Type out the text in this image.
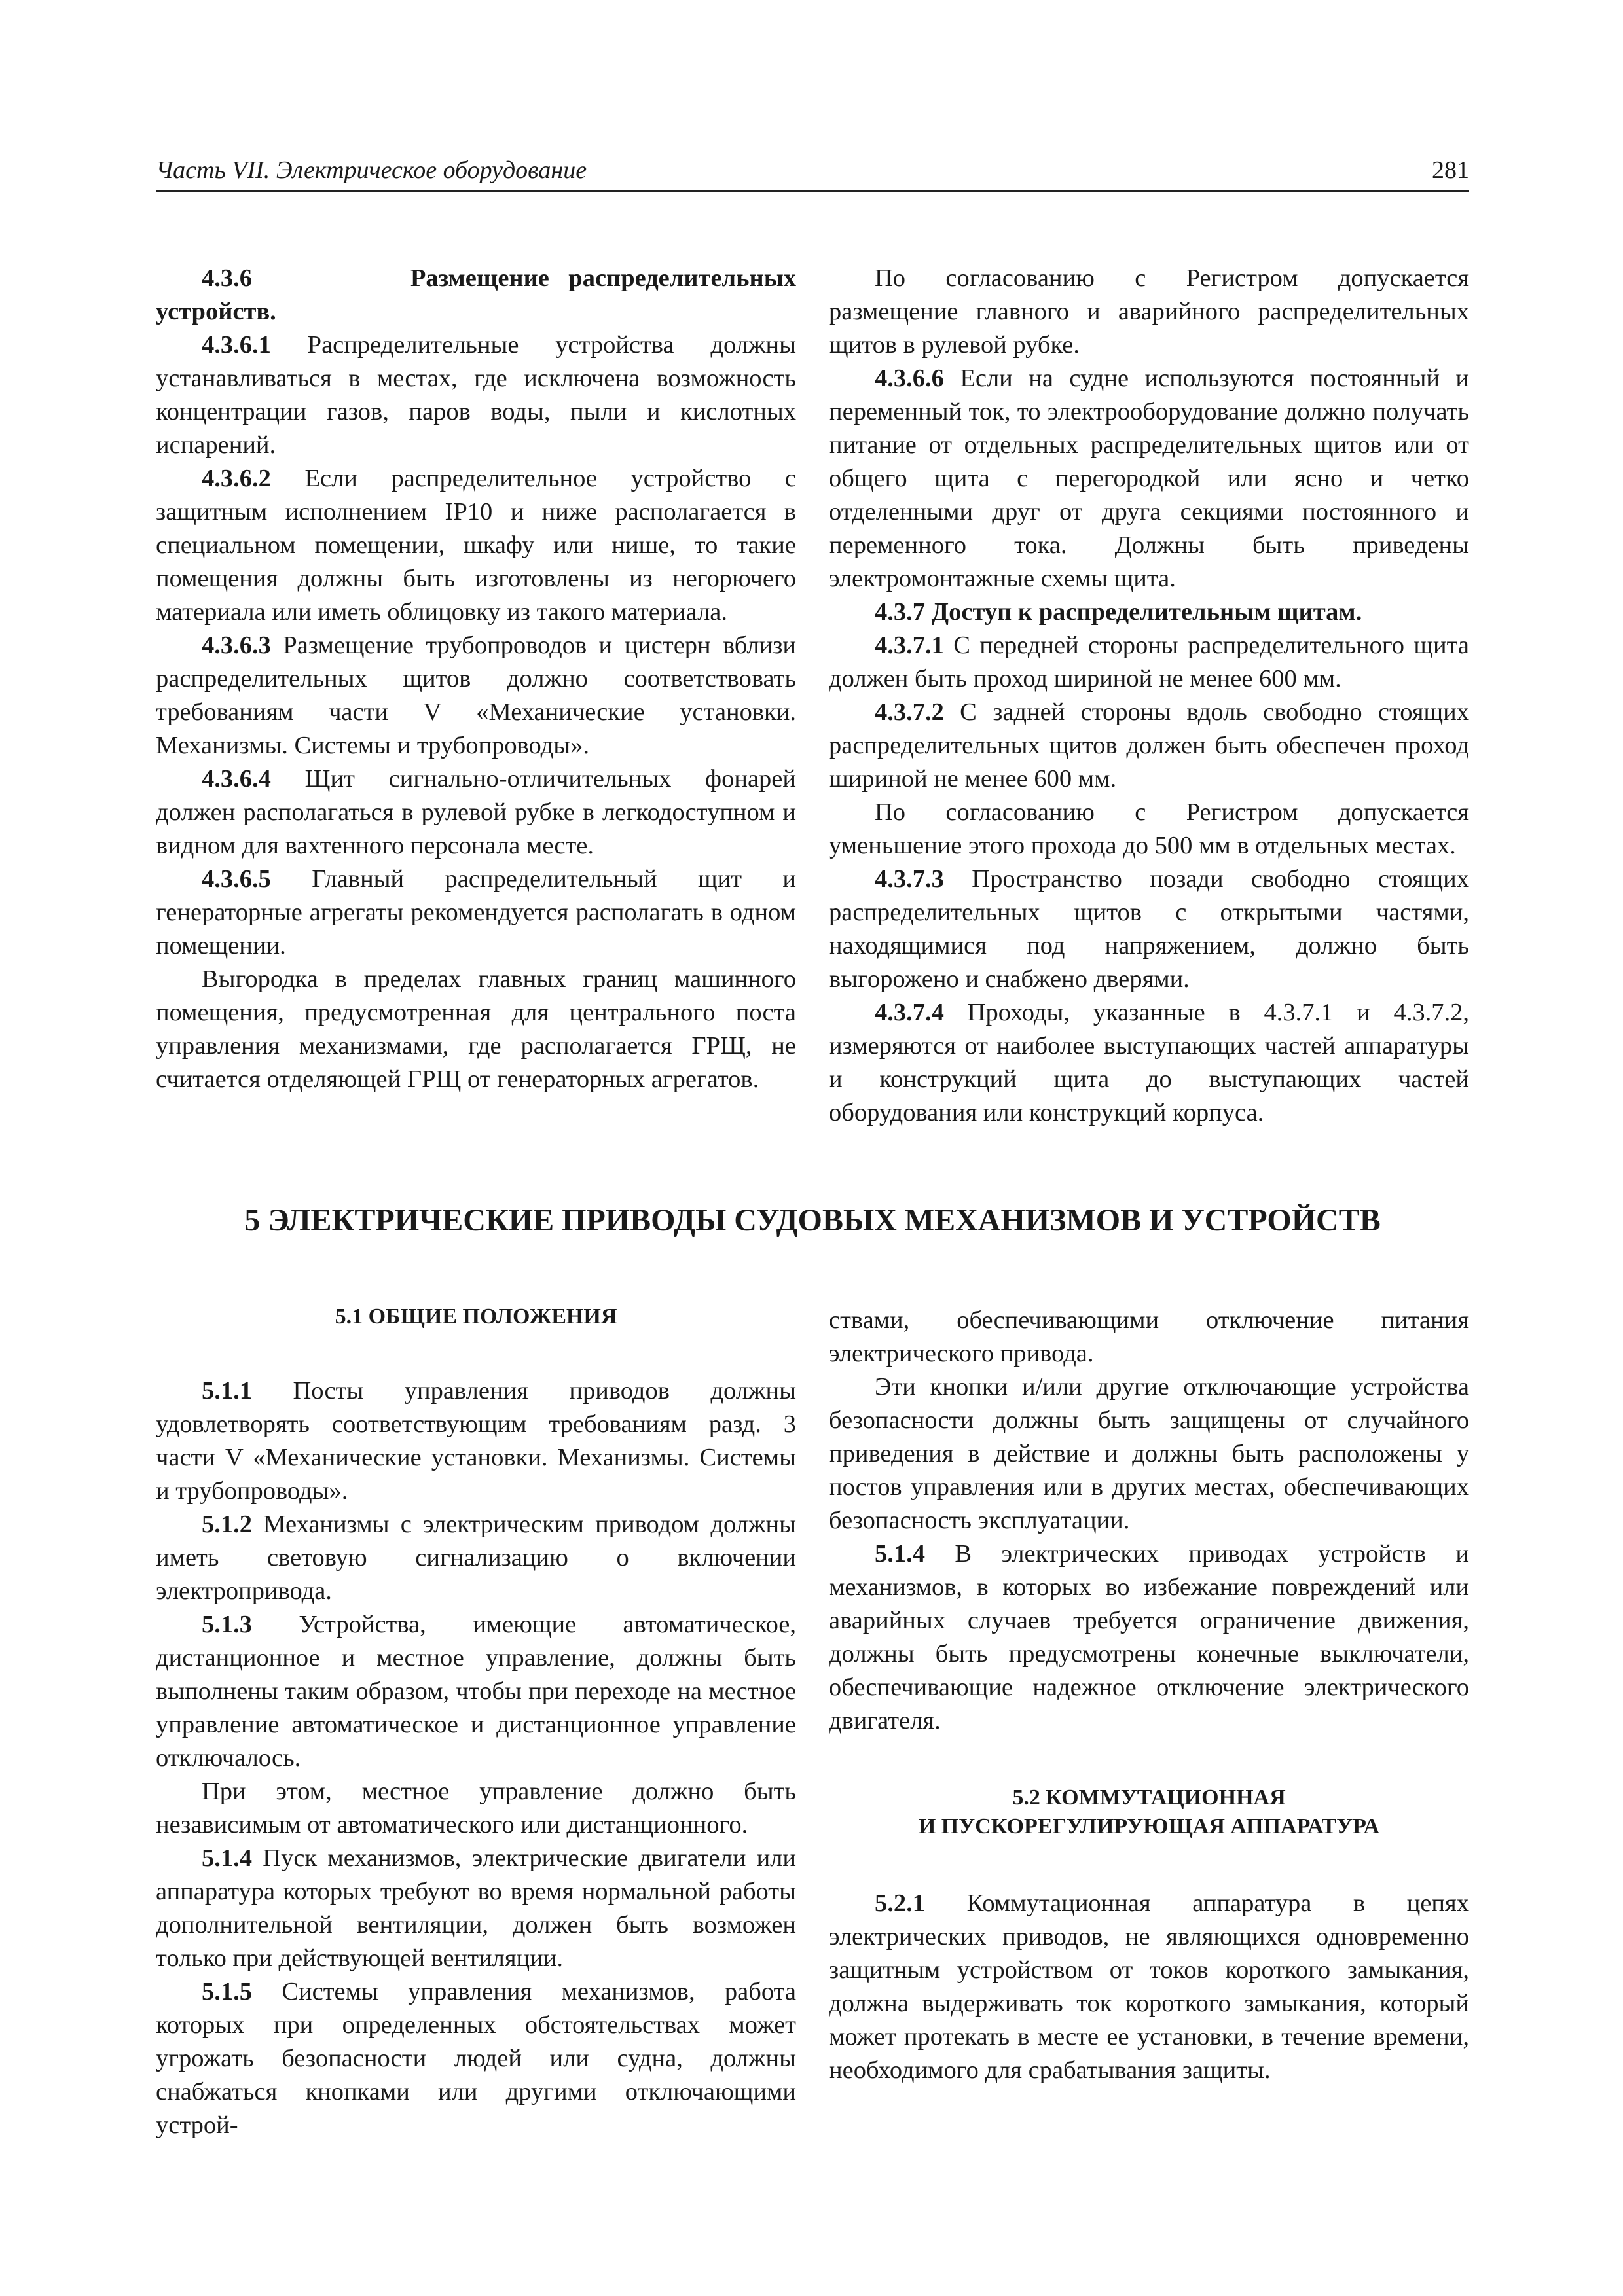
Часть VII. Электрическое оборудование	281

4.3.6	Размещение распределительных устройств.

4.3.6.1 Распределительные устройства должны устанавливаться в местах, где исключена возможность концентрации газов, паров воды, пыли и кислотных испарений.

4.3.6.2 Если распределительное устройство с защитным исполнением IP10 и ниже располагается в специальном помещении, шкафу или нише, то такие помещения должны быть изготовлены из негорючего материала или иметь облицовку из такого материала.

4.3.6.3 Размещение трубопроводов и цистерн вблизи распределительных щитов должно соответствовать требованиям части V «Механические установки. Механизмы. Системы и трубопроводы».

4.3.6.4 Щит сигнально-отличительных фонарей должен располагаться в рулевой рубке в легкодоступном и видном для вахтенного персонала месте.

4.3.6.5 Главный распределительный щит и генераторные агрегаты рекомендуется располагать в одном помещении.

Выгородка в пределах главных границ машинного помещения, предусмотренная для центрального поста управления механизмами, где располагается ГРЩ, не считается отделяющей ГРЩ от генераторных агрегатов.

По согласованию с Регистром допускается размещение главного и аварийного распределительных щитов в рулевой рубке.

4.3.6.6 Если на судне используются постоянный и переменный ток, то электрооборудование должно получать питание от отдельных распределительных щитов или от общего щита с перегородкой или ясно и четко отделенными друг от друга секциями постоянного и переменного тока. Должны быть приведены электромонтажные схемы щита.

4.3.7 Доступ к распределительным щитам.

4.3.7.1 С передней стороны распределительного щита должен быть проход шириной не менее 600 мм.

4.3.7.2 С задней стороны вдоль свободно стоящих распределительных щитов должен быть обеспечен проход шириной не менее 600 мм.

По согласованию с Регистром допускается уменьшение этого прохода до 500 мм в отдельных местах.

4.3.7.3 Пространство позади свободно стоящих распределительных щитов с открытыми частями, находящимися под напряжением, должно быть выгорожено и снабжено дверями.

4.3.7.4 Проходы, указанные в 4.3.7.1 и 4.3.7.2, измеряются от наиболее выступающих частей аппаратуры и конструкций щита до выступающих частей оборудования или конструкций корпуса.

5 ЭЛЕКТРИЧЕСКИЕ ПРИВОДЫ СУДОВЫХ МЕХАНИЗМОВ И УСТРОЙСТВ

5.1 ОБЩИЕ ПОЛОЖЕНИЯ

5.1.1 Посты управления приводов должны удовлетворять соответствующим требованиям разд. 3 части V «Механические установки. Механизмы. Системы и трубопроводы».

5.1.2 Механизмы с электрическим приводом должны иметь световую сигнализацию о включении электропривода.

5.1.3 Устройства, имеющие автоматическое, дистанционное и местное управление, должны быть выполнены таким образом, чтобы при переходе на местное управление автоматическое и дистанционное управление отключалось.

При этом, местное управление должно быть независимым от автоматического или дистанционного.

5.1.4 Пуск механизмов, электрические двигатели или аппаратура которых требуют во время нормальной работы дополнительной вентиляции, должен быть возможен только при действующей вентиляции.

5.1.5 Системы управления механизмов, работа которых при определенных обстоятельствах может угрожать безопасности людей или судна, должны снабжаться кнопками или другими отключающими устрой-

ствами, обеспечивающими отключение питания электрического привода.

Эти кнопки и/или другие отключающие устройства безопасности должны быть защищены от случайного приведения в действие и должны быть расположены у постов управления или в других местах, обеспечивающих безопасность эксплуатации.

5.1.4 В электрических приводах устройств и механизмов, в которых во избежание повреждений или аварийных случаев требуется ограничение движения, должны быть предусмотрены конечные выключатели, обеспечивающие надежное отключение электрического двигателя.

5.2 КОММУТАЦИОННАЯ

И ПУСКОРЕГУЛИРУЮЩАЯ АППАРАТУРА

5.2.1 Коммутационная аппаратура в цепях электрических приводов, не являющихся одновременно защитным устройством от токов короткого замыкания, должна выдерживать ток короткого замыкания, который может протекать в месте ее установки, в течение времени, необходимого для срабатывания защиты.
